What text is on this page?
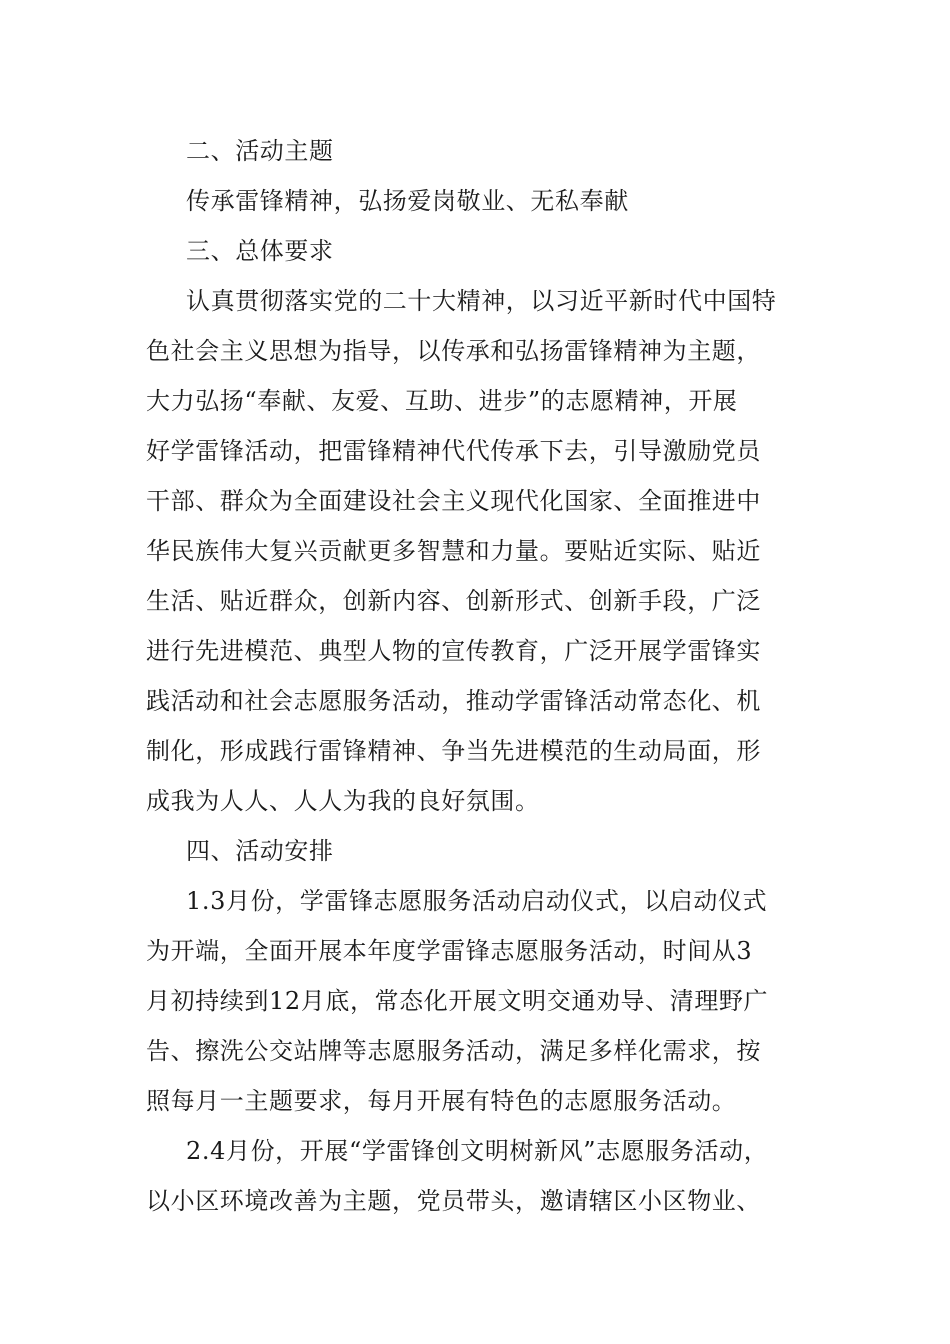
二、活动主题
传承雷锋精神，弘扬爱岗敬业、无私奉献
三、总体要求
认真贯彻落实党的二十大精神，以习近平新时代中国特
色社会主义思想为指导，以传承和弘扬雷锋精神为主题，
大力弘扬“奉献、友爱、互助、进步”的志愿精神，开展
好学雷锋活动，把雷锋精神代代传承下去，引导激励党员
干部、群众为全面建设社会主义现代化国家、全面推进中
华民族伟大复兴贡献更多智慧和力量。要贴近实际、贴近
生活、贴近群众，创新内容、创新形式、创新手段，广泛
进行先进模范、典型人物的宣传教育，广泛开展学雷锋实
践活动和社会志愿服务活动，推动学雷锋活动常态化、机
制化，形成践行雷锋精神、争当先进模范的生动局面，形
成我为人人、人人为我的良好氛围。
四、活动安排
1.3月份，学雷锋志愿服务活动启动仪式，以启动仪式
为开端，全面开展本年度学雷锋志愿服务活动，时间从3
月初持续到12月底，常态化开展文明交通劝导、清理野广
告、擦洗公交站牌等志愿服务活动，满足多样化需求，按
照每月一主题要求，每月开展有特色的志愿服务活动。
2.4月份，开展“学雷锋创文明树新风”志愿服务活动，
以小区环境改善为主题，党员带头，邀请辖区小区物业、
